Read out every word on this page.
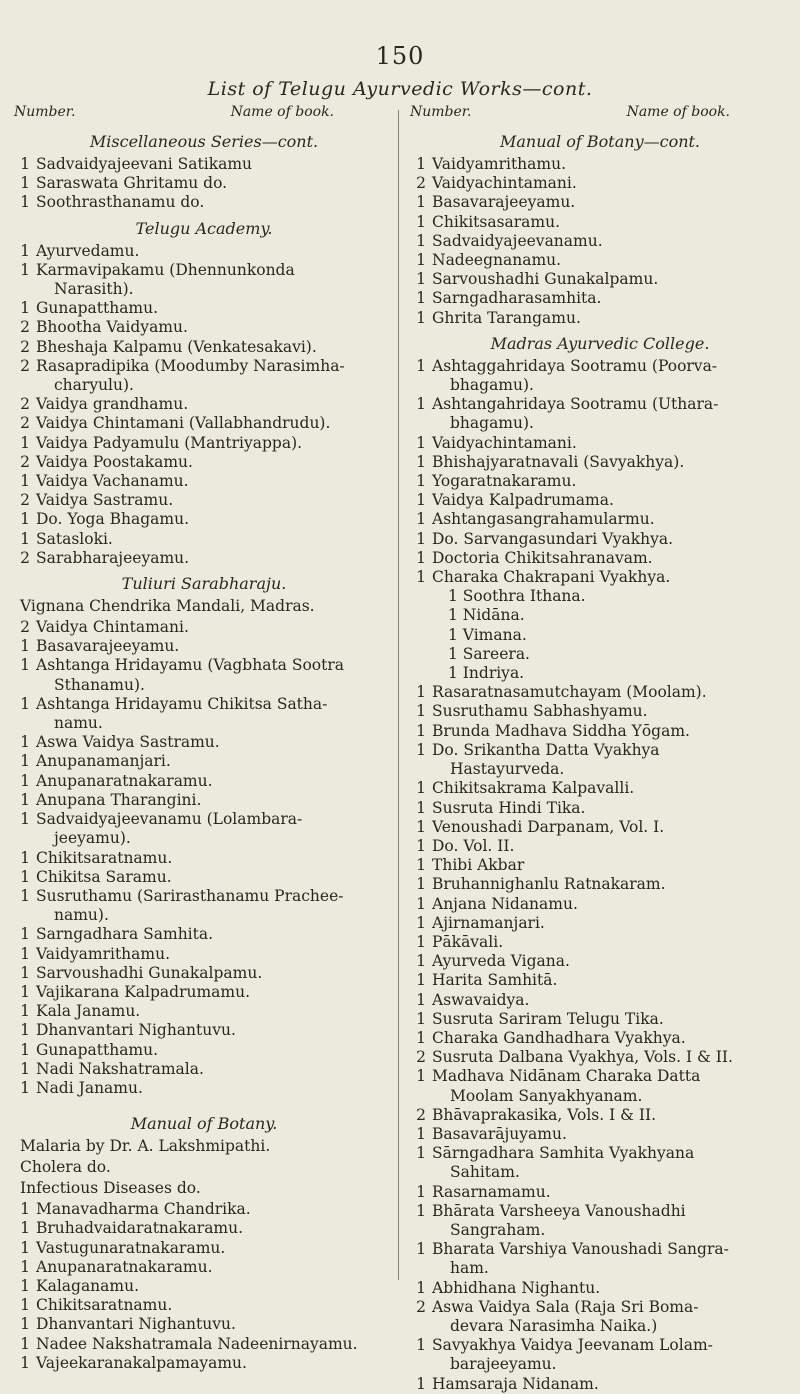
150
List of Telugu Ayurvedic Works—cont.
Number.	Name of book.
Miscellaneous Series—cont.
1 Sadvaidyajeevani Satikamu
1 Saraswata Ghritamu do.
1 Soothrasthanamu do.
Telugu Academy.
1 Ayurvedamu.
1 Karmavipakamu (Dhennunkonda
Narasith).
1 Gunapatthamu.
2 Bhootha Vaidyamu.
2 Bheshaja Kalpamu (Venkatesakavi).
2 Rasapradipika (Moodumby Narasimha-
charyulu).
2 Vaidya grandhamu.
2 Vaidya Chintamani (Vallabhandrudu).
1 Vaidya Padyamulu (Mantriyappa).
2 Vaidya Poostakamu.
1 Vaidya Vachanamu.
2 Vaidya Sastramu.
1 Do. Yoga Bhagamu.
1 Satasloki.
2 Sarabharajeeyamu.
Tuliuri Sarabharaju.
Vignana Chendrika Mandali, Madras.
2 Vaidya Chintamani.
1 Basavarajeeyamu.
1 Ashtanga Hridayamu (Vagbhata Sootra
Sthanamu).
1 Ashtanga Hridayamu Chikitsa Satha-
namu.
1 Aswa Vaidya Sastramu.
1 Anupanamanjari.
1 Anupanaratnakaramu.
1 Anupana Tharangini.
1 Sadvaidyajeevanamu (Lolambara-
jeeyamu).
1 Chikitsaratnamu.
1 Chikitsa Saramu.
1 Susruthamu (Sarirasthanamu Prachee-
namu).
1 Sarngadhara Samhita.
1 Vaidyamrithamu.
1 Sarvoushadhi Gunakalpamu.
1 Vajikarana Kalpadrumamu.
1 Kala Janamu.
1 Dhanvantari Nighantuvu.
1 Gunapatthamu.
1 Nadi Nakshatramala.
1 Nadi Janamu.
Manual of Botany.
Malaria by Dr. A. Lakshmipathi.
Cholera do.
Infectious Diseases do.
1 Manavadharma Chandrika.
1 Bruhadvaidaratnakaramu.
1 Vastugunaratnakaramu.
1 Anupanaratnakaramu.
1 Kalaganamu.
1 Chikitsaratnamu.
1 Dhanvantari Nighantuvu.
1 Nadee Nakshatramala Nadeenirnayamu.
1 Vajeekaranakalpamayamu.
Number.	Name of book.
Manual of Botany—cont.
1 Vaidyamrithamu.
2 Vaidyachintamani.
1 Basavarajeeyamu.
1 Chikitsasaramu.
1 Sadvaidyajeevanamu.
1 Nadeegnanamu.
1 Sarvoushadhi Gunakalpamu.
1 Sarngadharasamhita.
1 Ghrita Tarangamu.
Madras Ayurvedic College.
1 Ashtaggahridaya Sootramu (Poorva-
bhagamu).
1 Ashtangahridaya Sootramu (Uthara-
bhagamu).
1 Vaidyachintamani.
1 Bhishajyaratnavali (Savyakhya).
1 Yogaratnakaramu.
1 Vaidya Kalpadrumama.
1 Ashtangasangrahamularmu.
1 Do. Sarvangasundari Vyakhya.
1 Doctoria Chikitsahranavam.
1 Charaka Chakrapani Vyakhya.
1 Soothra Ithana.
1 Nidāna.
1 Vimana.
1 Sareera.
1 Indriya.
1 Rasaratnasamutchayam (Moolam).
1 Susruthamu Sabhashyamu.
1 Brunda Madhava Siddha Yōgam.
1 Do. Srikantha Datta Vyakhya
Hastayurveda.
1 Chikitsakrama Kalpavalli.
1 Susruta Hindi Tika.
1 Venoushadi Darpanam, Vol. I.
1 Do. Vol. II.
1 Thibi Akbar
1 Bruhannighanlu Ratnakaram.
1 Anjana Nidanamu.
1 Ajirnamanjari.
1 Pākāvali.
1 Ayurveda Vigana.
1 Harita Samhitā.
1 Aswavaidya.
1 Susruta Sariram Telugu Tika.
1 Charaka Gandhadhara Vyakhya.
2 Susruta Dalbana Vyakhya, Vols. I & II.
1 Madhava Nidānam Charaka Datta
Moolam Sanyakhyanam.
2 Bhāvaprakasika, Vols. I & II.
1 Basavarājuyamu.
1 Sārngadhara Samhita Vyakhyana
Sahitam.
1 Rasarnamamu.
1 Bhārata Varsheeya Vanoushadhi
Sangraham.
1 Bharata Varshiya Vanoushadi Sangra-
ham.
1 Abhidhana Nighantu.
2 Aswa Vaidya Sala (Raja Sri Boma-
devara Narasimha Naika.)
1 Savyakhya Vaidya Jeevanam Lolam-
barajeeyamu.
1 Hamsaraja Nidanam.
